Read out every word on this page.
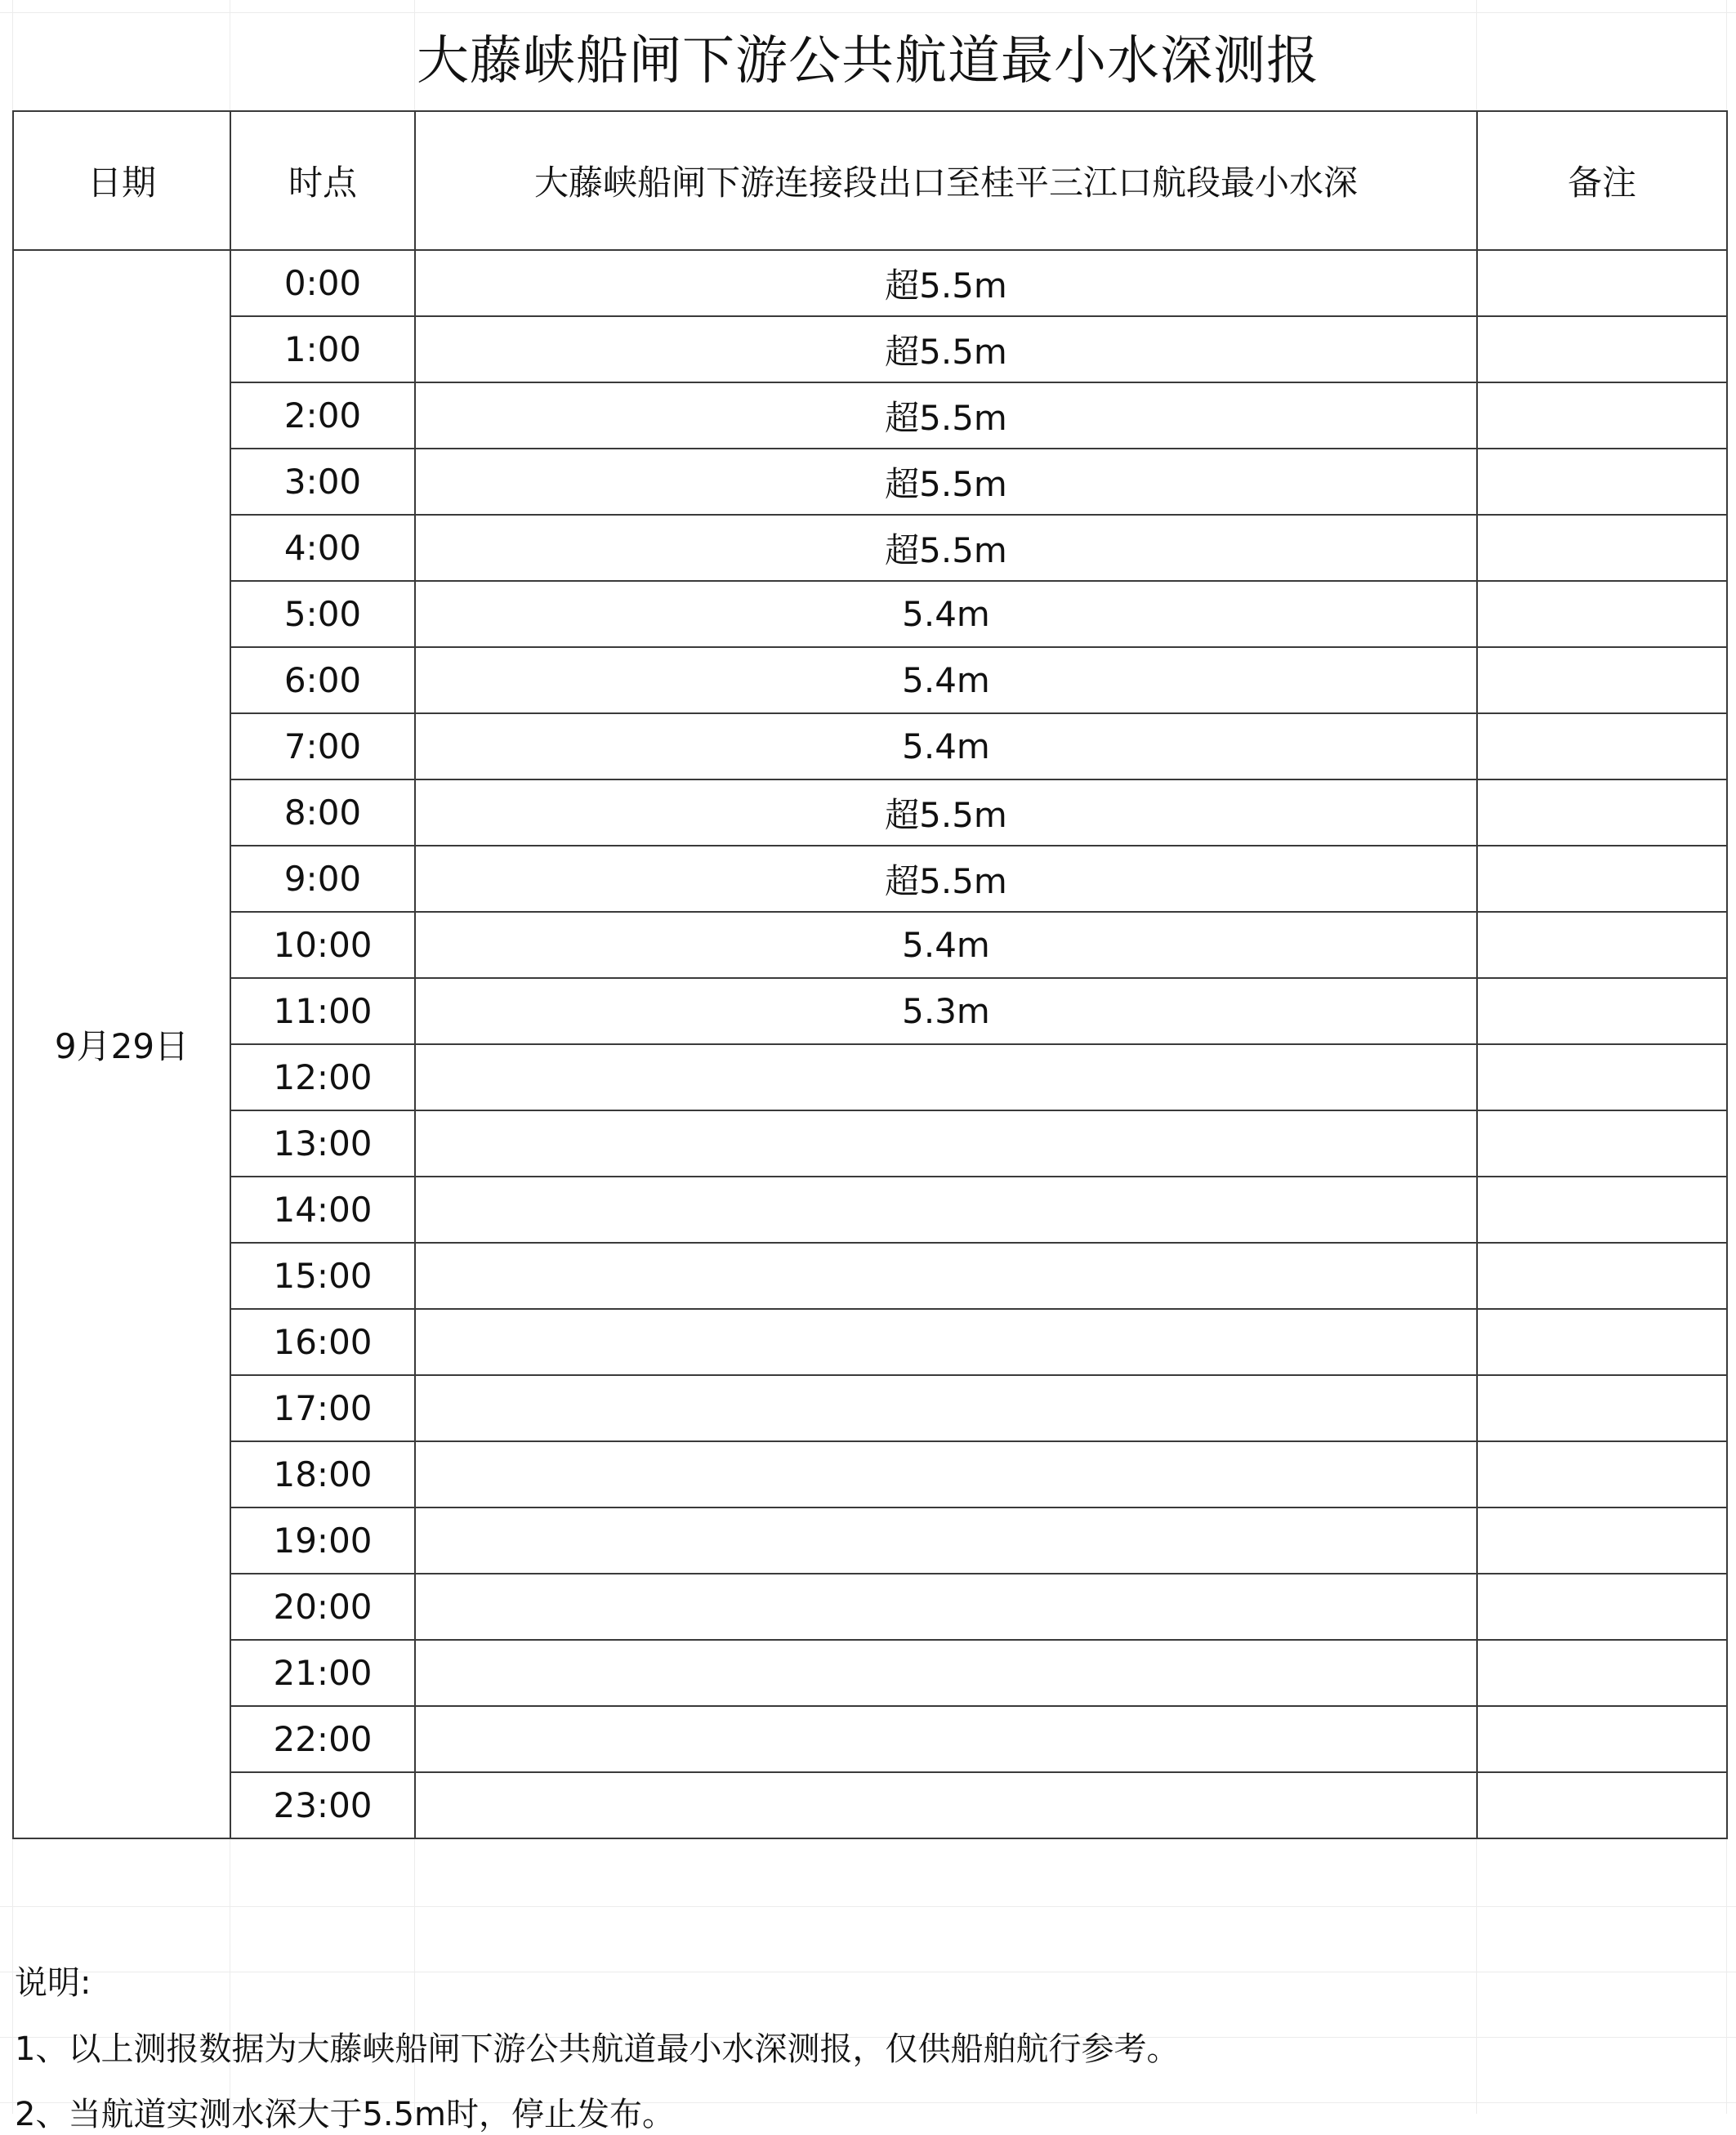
大藤峡船闸下游公共航道最小水深测报
日期	时点	大藤峡船闸下游连接段出口至桂平三江口航段最小水深	备注
9月29日	0:00	超5.5m	
	1:00	超5.5m	
	2:00	超5.5m	
	3:00	超5.5m	
	4:00	超5.5m	
	5:00	5.4m	
	6:00	5.4m	
	7:00	5.4m	
	8:00	超5.5m	
	9:00	超5.5m	
	10:00	5.4m	
	11:00	5.3m	
	12:00		
	13:00		
	14:00		
	15:00		
	16:00		
	17:00		
	18:00		
	19:00		
	20:00		
	21:00		
	22:00		
	23:00		
说明:
1、以上测报数据为大藤峡船闸下游公共航道最小水深测报，仅供船舶航行参考。
2、当航道实测水深大于5.5m时，停止发布。
